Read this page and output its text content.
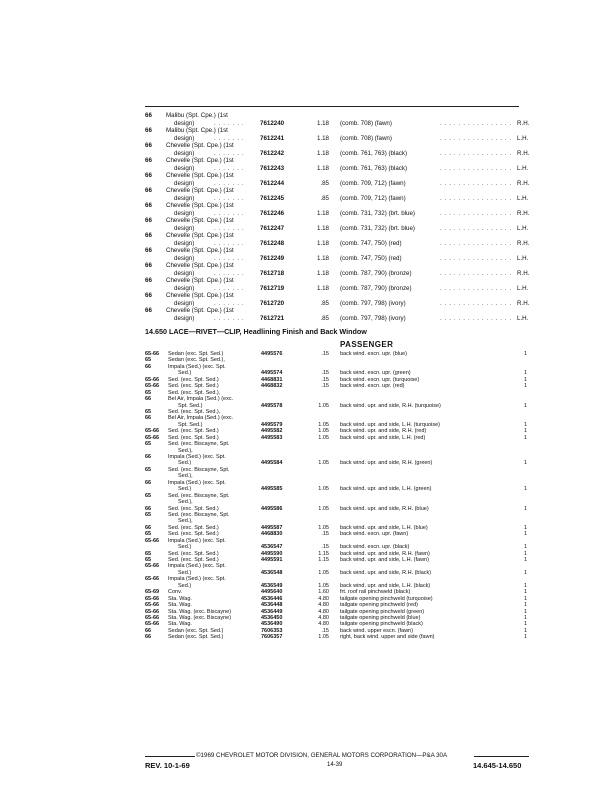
66 Malibu (Spt. Cpe.) (1st
design)	. . . . . . .	7612240	1.18 (comb. 708) (fawn)	. . . . . . . . . . . . . . . . R.H.
66 Malibu (Spt. Cpe.) (1st
design)	. . . . . . .	7612241	1.18 (comb. 708) (fawn)	. . . . . . . . . . . . . . . . L.H.
66 Chevelle (Spt. Cpe.) (1st
design)	. . . . . . .	7612242	1.18 (comb. 761, 763) (black)	. . . . . . . . . . . . . . . . R.H.
66 Chevelle (Spt. Cpe.) (1st
design)	. . . . . . .	7612243	1.18 (comb. 761, 763) (black)	. . . . . . . . . . . . . . . . L.H.
66 Chevelle (Spt. Cpe.) (1st
design)	. . . . . . .	7612244	.85 (comb. 709, 712) (fawn)	. . . . . . . . . . . . . . . . R.H.
66 Chevelle (Spt. Cpe.) (1st
design)	. . . . . . .	7612245	.85 (comb. 709, 712) (fawn)	. . . . . . . . . . . . . . . . L.H.
66 Chevelle (Spt. Cpe.) (1st
design)	. . . . . . .	7612246	1.18 (comb. 731, 732) (brt. blue)	. . . . . . . . . . . . . . . . R.H.
66 Chevelle (Spt. Cpe.) (1st
design)	. . . . . . .	7612247	1.18 (comb. 731, 732) (brt. blue)	. . . . . . . . . . . . . . . . L.H.
66 Chevelle (Spt. Cpe.) (1st
design)	. . . . . . .	7612248	1.18 (comb. 747, 750) (red)	. . . . . . . . . . . . . . . . R.H.
66 Chevelle (Spt. Cpe.) (1st
design)	. . . . . . .	7612249	1.18 (comb. 747, 750) (red)	. . . . . . . . . . . . . . . . L.H.
66 Chevelle (Spt. Cpe.) (1st
design)	. . . . . . .	7612718	1.18 (comb. 787, 790) (bronze)	. . . . . . . . . . . . . . . . R.H.
66 Chevelle (Spt. Cpe.) (1st
design)	. . . . . . .	7612719	1.18 (comb. 787, 790) (bronze)	. . . . . . . . . . . . . . . . L.H.
66 Chevelle (Spt. Cpe.) (1st
design)	. . . . . . .	7612720	.85 (comb. 797, 798) (ivory)	. . . . . . . . . . . . . . . . R.H.
66 Chevelle (Spt. Cpe.) (1st
design)	. . . . . . .	7612721	.85 (comb. 797, 798) (ivory)	. . . . . . . . . . . . . . . . L.H.
14.650 LACE—RIVET—CLIP, Headlining Finish and Back Window
PASSENGER
65-66 Sedan (exc. Spt. Sed.)	4495576	.15 back wind. escn. upr. (blue)	1
65	Sedan (exc. Spt. Sed.),
66	Impala (Sed.) (exc. Spt.
Sed.)	4495574	.15 back wind. escn. upr. (green)	1
65-66 Sed. (exc. Spt. Sed.)	4468831	.15 back wind. escn. upr. (turquoise)	1
65-66 Sed. (exc. Spt. Sed.)	4468832	.15 back wind. escn. upr. (red)	1
65	Sed. (exc. Spt. Sed.),
66	Bel Air, Impala (Sed.) (exc.
Spt. Sed.)	4495578	1.05 back wind. upr. and side, R.H. (turquoise)	1
65	Sed. (exc. Spt. Sed.),
66	Bel Air, Impala (Sed.) (exc.
Spt. Sed.)	4495579	1.05 back wind. upr. and side, L.H. (turquoise)	1
65-66 Sed. (exc. Spt. Sed.)	4495582	1.05 back wind. upr. and side, R.H. (red)	1
65-66 Sed. (exc. Spt. Sed.)	4495583	1.05 back wind. upr. and side, L.H. (red)	1
65	Sed. (exc. Biscayne, Spt.
Sed.),
66	Impala (Sed.) (exc. Spt.
Sed.)	4495584	1.05 back wind. upr. and side, R.H. (green)	1
65	Sed. (exc. Biscayne, Spt.
Sed.),
66	Impala (Sed.) (exc. Spt.
Sed.)	4495585	1.05 back wind. upr. and side, L.H. (green)	1
65	Sed. (exc. Biscayne, Spt.
Sed.),
66	Sed. (exc. Spt. Sed.)	4495586	1.05 back wind. upr. and side, R.H. (blue)	1
65	Sed. (exc. Biscayne, Spt.
Sed.),
66	Sed. (exc. Spt. Sed.)	4495587	1.05 back wind. upr. and side, L.H. (blue)	1
65	Sed. (exc. Spt. Sed.)	4468830	.15 back wind. escn. upr. (fawn)	1
65-66 Impala (Sed.) (exc. Spt.
Sed.)	4536547	.15 back wind. escn. upr. (black)	1
65	Sed. (exc. Spt. Sed.)	4495590	1.15 back wind. upr. and side, R.H. (fawn)	1
65	Sed. (exc. Spt. Sed.)	4495591	1.15 back wind. upr. and side, L.H. (fawn)	1
65-66 Impala (Sed.) (exc. Spt.
Sed.)	4536548	1.05 back wind. upr. and side, R.H. (black)	1
65-66 Impala (Sed.) (exc. Spt.
Sed.)	4536549	1.05 back wind. upr. and side, L.H. (black)	1
65-69 Conv.	4495640	1.60 frt. roof rail pinchweld (black)	1
65-66 Sta. Wag.	4536446	4.80 tailgate opening pinchweld (turquoise)	1
65-66 Sta. Wag.	4536448	4.80 tailgate opening pinchweld (red)	1
65-66 Sta. Wag. (exc. Biscayne)	4536449	4.80 tailgate opening pinchweld (green)	1
65-66 Sta. Wag. (exc. Biscayne)	4536450	4.80 tailgate opening pinchweld (blue)	1
65-66 Sta. Wag.	4536490	4.80 tailgate opening pinchweld (black)	1
66	Sedan (exc. Spt. Sed.)	7606353	.15 back wind. upper escn. (fawn)	1
66	Sedan (exc. Spt. Sed.)	7606357	1.05 right, back wind. upper and side (fawn)	1
©1969 CHEVROLET MOTOR DIVISION, GENERAL MOTORS CORPORATION—P&A 30A
REV. 10-1-69	14-39	14.645-14.650
